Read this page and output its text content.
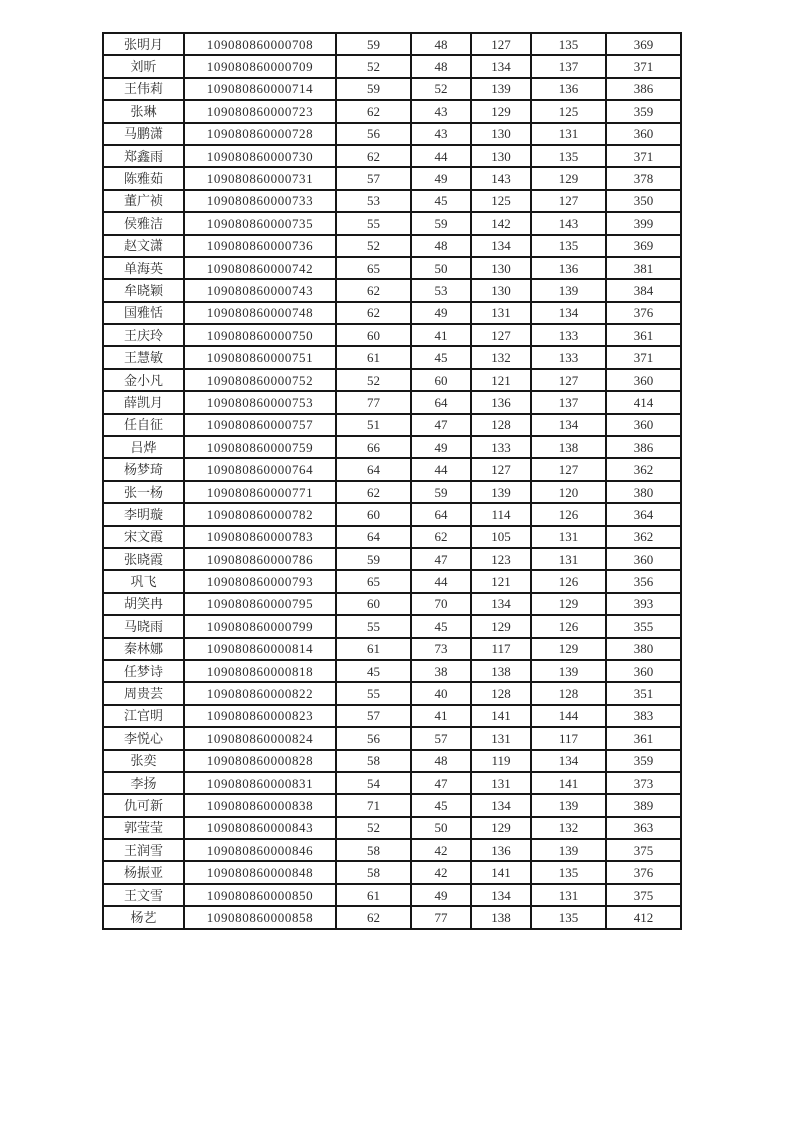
张明月	109080860000708	59	48	127	135	369
刘昕	109080860000709	52	48	134	137	371
王伟莉	109080860000714	59	52	139	136	386
张琳	109080860000723	62	43	129	125	359
马鹏潇	109080860000728	56	43	130	131	360
郑鑫雨	109080860000730	62	44	130	135	371
陈雅茹	109080860000731	57	49	143	129	378
董广祯	109080860000733	53	45	125	127	350
侯雅洁	109080860000735	55	59	142	143	399
赵文潇	109080860000736	52	48	134	135	369
单海英	109080860000742	65	50	130	136	381
牟晓颖	109080860000743	62	53	130	139	384
国雅恬	109080860000748	62	49	131	134	376
王庆玲	109080860000750	60	41	127	133	361
王慧敏	109080860000751	61	45	132	133	371
金小凡	109080860000752	52	60	121	127	360
薛凯月	109080860000753	77	64	136	137	414
任自征	109080860000757	51	47	128	134	360
吕烨	109080860000759	66	49	133	138	386
杨梦琦	109080860000764	64	44	127	127	362
张一杨	109080860000771	62	59	139	120	380
李明璇	109080860000782	60	64	114	126	364
宋文霞	109080860000783	64	62	105	131	362
张晓霞	109080860000786	59	47	123	131	360
巩飞	109080860000793	65	44	121	126	356
胡笑冉	109080860000795	60	70	134	129	393
马晓雨	109080860000799	55	45	129	126	355
秦林娜	109080860000814	61	73	117	129	380
任梦诗	109080860000818	45	38	138	139	360
周贵芸	109080860000822	55	40	128	128	351
江官明	109080860000823	57	41	141	144	383
李悦心	109080860000824	56	57	131	117	361
张奕	109080860000828	58	48	119	134	359
李扬	109080860000831	54	47	131	141	373
仇可新	109080860000838	71	45	134	139	389
郭莹莹	109080860000843	52	50	129	132	363
王润雪	109080860000846	58	42	136	139	375
杨振亚	109080860000848	58	42	141	135	376
王文雪	109080860000850	61	49	134	131	375
杨艺	109080860000858	62	77	138	135	412
